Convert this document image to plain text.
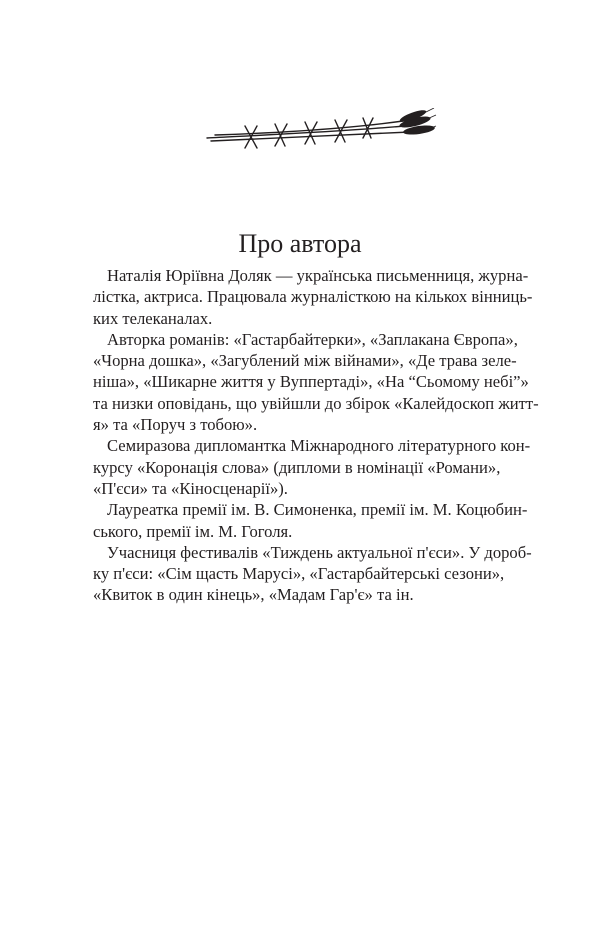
Про автора
Наталія Юріївна Доляк — українська письменниця, журна-
лістка, актриса. Працювала журналісткою на кількох вінниць-
ких телеканалах.
Авторка романів: «Гастарбайтерки», «Заплакана Європа»,
«Чорна дошка», «Загублений між війнами», «Де трава зеле-
ніша», «Шикарне життя у Вуппертаді», «На “Сьомому небі”»
та низки оповідань, що увійшли до збірок «Калейдоскоп житт-
я» та «Поруч з тобою».
Семиразова дипломантка Міжнародного літературного кон-
курсу «Коронація слова» (дипломи в номінації «Романи»,
«П'єси» та «Кіносценарії»).
Лауреатка премії ім. В. Симоненка, премії ім. М. Коцюбин-
ського, премії ім. М. Гоголя.
Учасниця фестивалів «Тиждень актуальної п'єси». У дороб-
ку п'єси: «Сім щасть Марусі», «Гастарбайтерські сезони»,
«Квиток в один кінець», «Мадам Гар'є» та ін.
